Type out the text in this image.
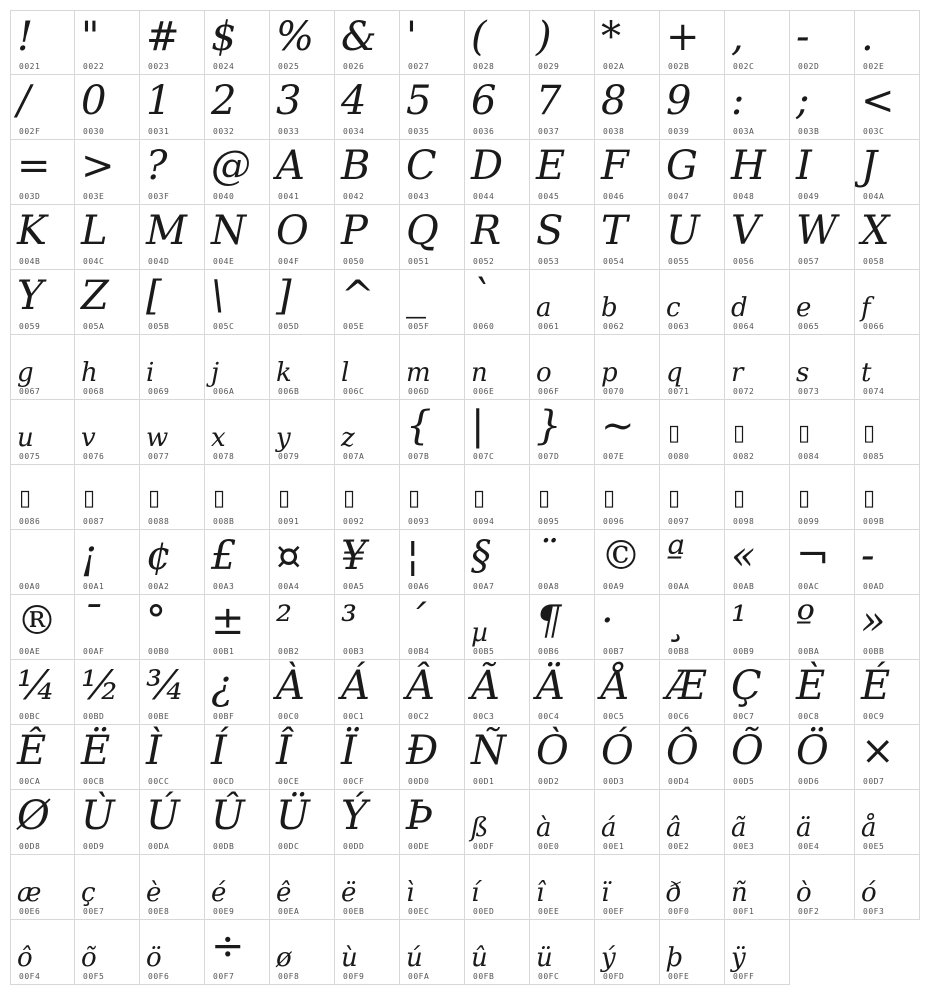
!
0021
"
0022
#
0023
$
0024
%
0025
&
0026
'
0027
(
0028
)
0029
*
002A
+
002B
,
002C
-
002D
.
002E
/
002F
0
0030
1
0031
2
0032
3
0033
4
0034
5
0035
6
0036
7
0037
8
0038
9
0039
:
003A
;
003B
<
003C
=
003D
>
003E
?
003F
@
0040
A
0041
B
0042
C
0043
D
0044
E
0045
F
0046
G
0047
H
0048
I
0049
J
004A
K
004B
L
004C
M
004D
N
004E
O
004F
P
0050
Q
0051
R
0052
S
0053
T
0054
U
0055
V
0056
W
0057
X
0058
Y
0059
Z
005A
[
005B
\
005C
]
005D
^
005E
_
005F
`
0060
a
0061
b
0062
c
0063
d
0064
e
0065
f
0066
g
0067
h
0068
i
0069
j
006A
k
006B
l
006C
m
006D
n
006E
o
006F
p
0070
q
0071
r
0072
s
0073
t
0074
u
0075
v
0076
w
0077
x
0078
y
0079
z
007A
{
007B
|
007C
}
007D
~
007E
▯
0080
▯
0082
▯
0084
▯
0085
▯
0086
▯
0087
▯
0088
▯
008B
▯
0091
▯
0092
▯
0093
▯
0094
▯
0095
▯
0096
▯
0097
▯
0098
▯
0099
▯
009B
00A0
¡
00A1
¢
00A2
£
00A3
¤
00A4
¥
00A5
¦
00A6
§
00A7
¨
00A8
©
00A9
ª
00AA
«
00AB
¬
00AC
-
00AD
®
00AE
¯
00AF
°
00B0
±
00B1
²
00B2
³
00B3
´
00B4
µ
00B5
¶
00B6
·
00B7
¸
00B8
¹
00B9
º
00BA
»
00BB
¼
00BC
½
00BD
¾
00BE
¿
00BF
À
00C0
Á
00C1
Â
00C2
Ã
00C3
Ä
00C4
Å
00C5
Æ
00C6
Ç
00C7
È
00C8
É
00C9
Ê
00CA
Ë
00CB
Ì
00CC
Í
00CD
Î
00CE
Ï
00CF
Ð
00D0
Ñ
00D1
Ò
00D2
Ó
00D3
Ô
00D4
Õ
00D5
Ö
00D6
×
00D7
Ø
00D8
Ù
00D9
Ú
00DA
Û
00DB
Ü
00DC
Ý
00DD
Þ
00DE
ß
00DF
à
00E0
á
00E1
â
00E2
ã
00E3
ä
00E4
å
00E5
æ
00E6
ç
00E7
è
00E8
é
00E9
ê
00EA
ë
00EB
ì
00EC
í
00ED
î
00EE
ï
00EF
ð
00F0
ñ
00F1
ò
00F2
ó
00F3
ô
00F4
õ
00F5
ö
00F6
÷
00F7
ø
00F8
ù
00F9
ú
00FA
û
00FB
ü
00FC
ý
00FD
þ
00FE
ÿ
00FF
